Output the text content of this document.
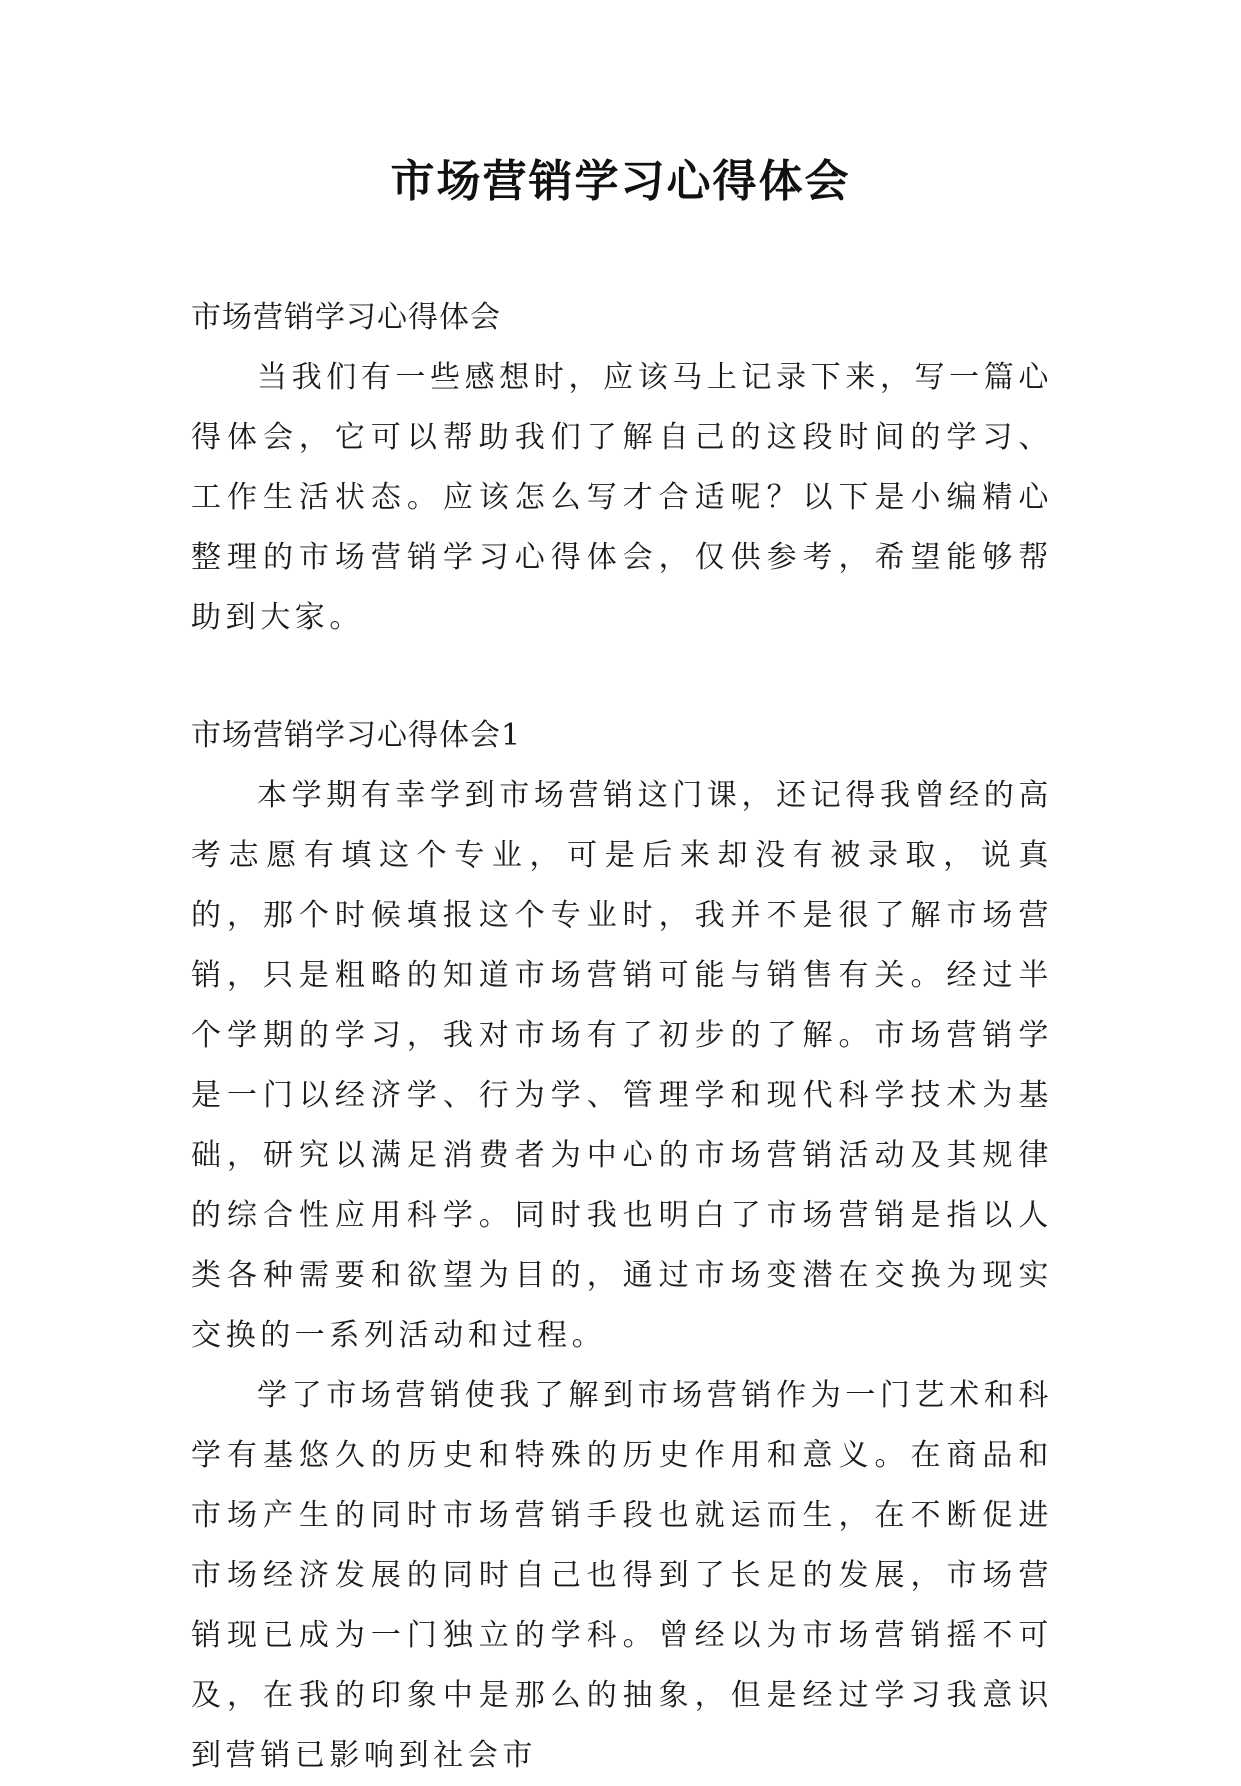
市场营销学习心得体会

市场营销学习心得体会

当我们有一些感想时，应该马上记录下来，写一篇心得体会，它可以帮助我们了解自己的这段时间的学习、工作生活状态。应该怎么写才合适呢？以下是小编精心整理的市场营销学习心得体会，仅供参考，希望能够帮助到大家。

市场营销学习心得体会1

本学期有幸学到市场营销这门课，还记得我曾经的高考志愿有填这个专业，可是后来却没有被录取，说真的，那个时候填报这个专业时，我并不是很了解市场营销，只是粗略的知道市场营销可能与销售有关。经过半个学期的学习，我对市场有了初步的了解。市场营销学是一门以经济学、行为学、管理学和现代科学技术为基础，研究以满足消费者为中心的市场营销活动及其规律的综合性应用科学。同时我也明白了市场营销是指以人类各种需要和欲望为目的，通过市场变潜在交换为现实交换的一系列活动和过程。

学了市场营销使我了解到市场营销作为一门艺术和科学有基悠久的历史和特殊的历史作用和意义。在商品和市场产生的同时市场营销手段也就运而生，在不断促进市场经济发展的同时自己也得到了长足的发展，市场营销现已成为一门独立的学科。曾经以为市场营销摇不可及，在我的印象中是那么的抽象，但是经过学习我意识到营销已影响到社会市
